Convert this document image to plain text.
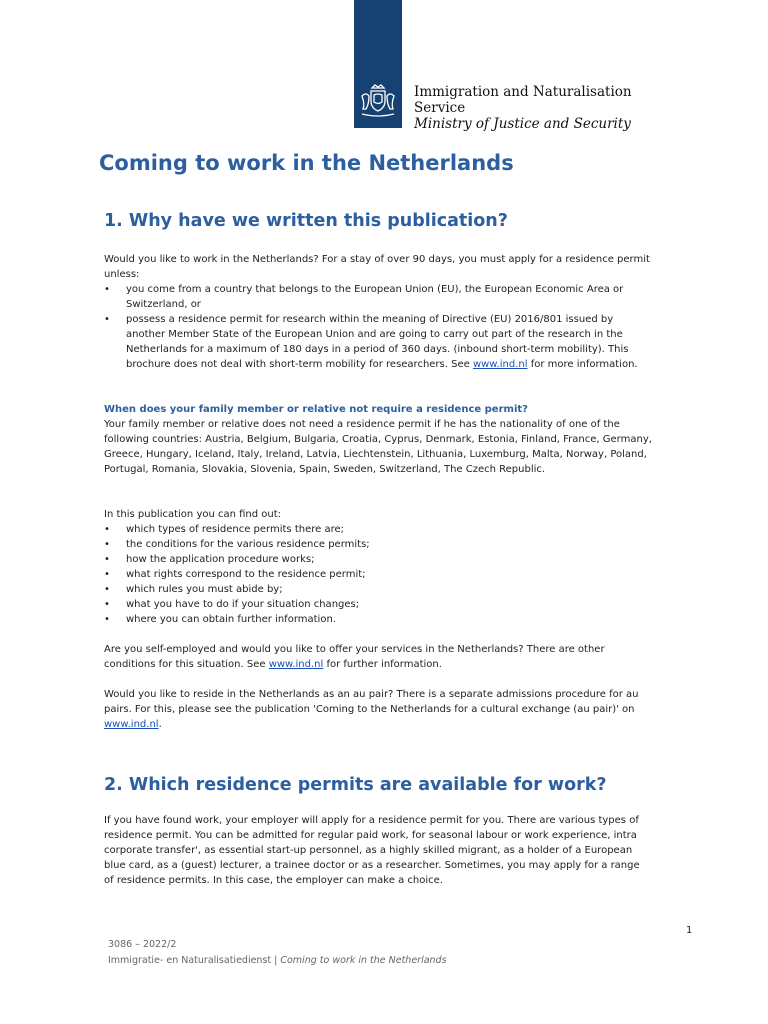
Immigration and Naturalisation
Service
Ministry of Justice and Security
Coming to work in the Netherlands
1. Why have we written this publication?

Would you like to work in the Netherlands? For a stay of over 90 days, you must apply for a residence permit unless:

• you come from a country that belongs to the European Union (EU), the European Economic Area or Switzerland, or
• possess a residence permit for research within the meaning of Directive (EU) 2016/801 issued by another Member State of the European Union and are going to carry out part of the research in the Netherlands for a maximum of 180 days in a period of 360 days. (inbound short-term mobility). This brochure does not deal with short-term mobility for researchers. See www.ind.nl for more information.

When does your family member or relative not require a residence permit?

Your family member or relative does not need a residence permit if he has the nationality of one of the following countries: Austria, Belgium, Bulgaria, Croatia, Cyprus, Denmark, Estonia, Finland, France, Germany, Greece, Hungary, Iceland, Italy, Ireland, Latvia, Liechtenstein, Lithuania, Luxemburg, Malta, Norway, Poland, Portugal, Romania, Slovakia, Slovenia, Spain, Sweden, Switzerland, The Czech Republic.

In this publication you can find out:

• which types of residence permits there are;
• the conditions for the various residence permits;
• how the application procedure works;
• what rights correspond to the residence permit;
• which rules you must abide by;
• what you have to do if your situation changes;
• where you can obtain further information.

Are you self-employed and would you like to offer your services in the Netherlands? There are other conditions for this situation. See www.ind.nl for further information.

Would you like to reside in the Netherlands as an au pair? There is a separate admissions procedure for au pairs. For this, please see the publication 'Coming to the Netherlands for a cultural exchange (au pair)' on www.ind.nl.

2. Which residence permits are available for work?

If you have found work, your employer will apply for a residence permit for you. There are various types of residence permit. You can be admitted for regular paid work, for seasonal labour or work experience, intra corporate transfer', as essential start-up personnel, as a highly skilled migrant, as a holder of a European blue card, as a (guest) lecturer, a trainee doctor or as a researcher. Sometimes, you may apply for a range of residence permits. In this case, the employer can make a choice.

1
3086 – 2022/2
Immigratie- en Naturalisatiedienst | Coming to work in the Netherlands
